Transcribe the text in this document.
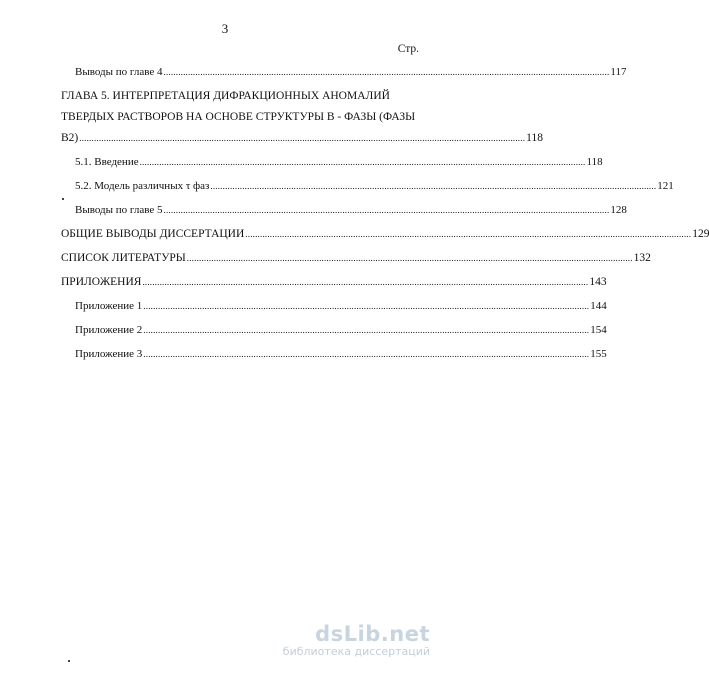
3
Стр.
Выводы по главе 4 ...................................................................................................................................................................................... 117
ГЛАВА 5. ИНТЕРПРЕТАЦИЯ ДИФРАКЦИОННЫХ АНОМАЛИЙ
ТВЕРДЫХ РАСТВОРОВ НА ОСНОВЕ СТРУКТУРЫ B - ФАЗЫ (ФАЗЫ
B2) ...................................................................................................................................................................................... 118
5.1. Введение ...................................................................................................................................................................................... 118
5.2. Модель различных τ фаз ...................................................................................................................................................................................... 121
Выводы по главе 5 ...................................................................................................................................................................................... 128
ОБЩИЕ ВЫВОДЫ ДИССЕРТАЦИИ ...................................................................................................................................................................................... 129
СПИСОК ЛИТЕРАТУРЫ ...................................................................................................................................................................................... 132
ПРИЛОЖЕНИЯ ...................................................................................................................................................................................... 143
Приложение 1 ...................................................................................................................................................................................... 144
Приложение 2 ...................................................................................................................................................................................... 154
Приложение 3 ...................................................................................................................................................................................... 155
dsLib.net
библиотека диссертаций
